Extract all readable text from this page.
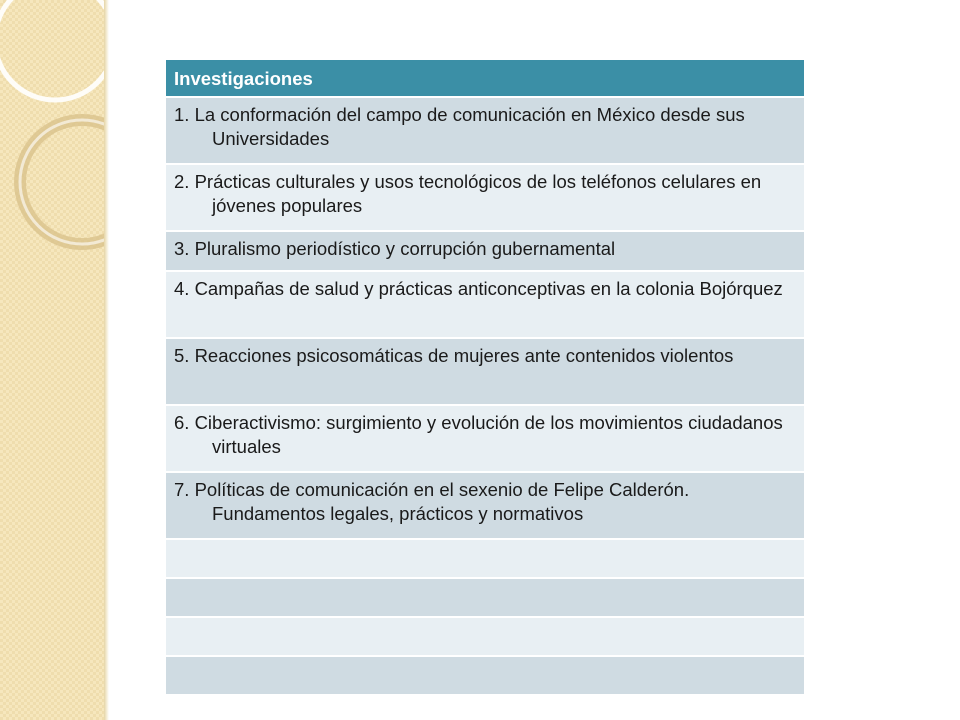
Investigaciones
1. La conformación del campo de comunicación en México desde sus Universidades
2. Prácticas culturales y usos tecnológicos de los teléfonos celulares en jóvenes populares
3. Pluralismo periodístico y corrupción gubernamental
4. Campañas de salud y prácticas anticonceptivas en la colonia Bojórquez
5. Reacciones psicosomáticas de mujeres ante contenidos violentos
6. Ciberactivismo: surgimiento y evolución de los movimientos ciudadanos virtuales
7. Políticas de comunicación en el sexenio de Felipe Calderón. Fundamentos legales, prácticos y normativos
